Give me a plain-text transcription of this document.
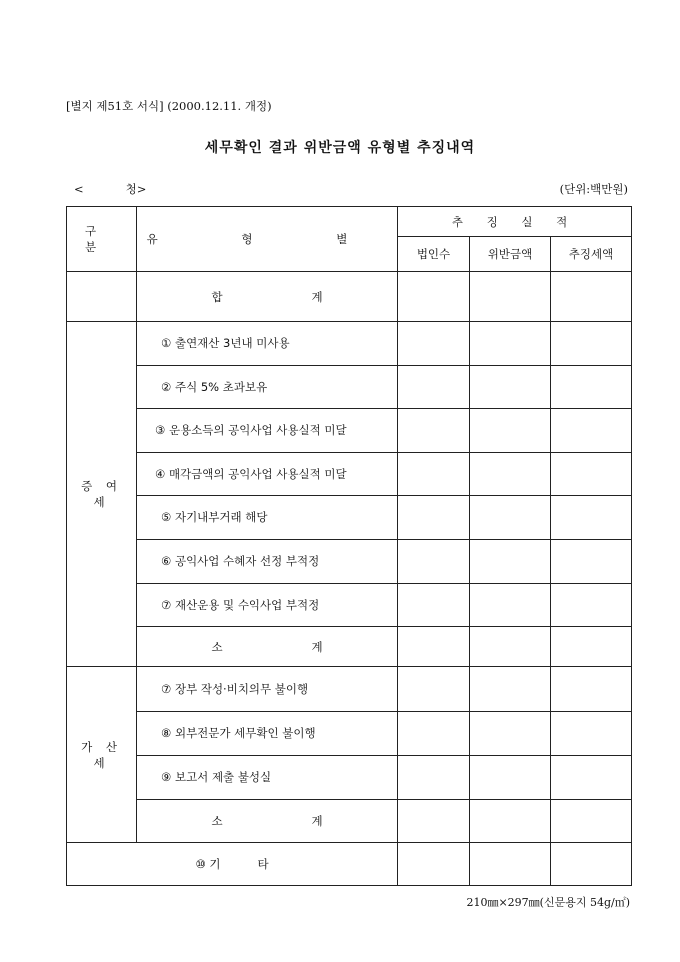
[별지 제51호 서식] (2000.12.11. 개정)
세무확인 결과 위반금액 유형별 추징내역
<	청>	(단위:백만원)
구 분	유 형 별	추 징 실 적		
		법인수	위반금액	추징세액
	합 계			
증 여 세	① 출연재산 3년내 미사용			
	② 주식 5% 초과보유			
	③ 운용소득의 공익사업 사용실적 미달			
	④ 매각금액의 공익사업 사용실적 미달			
	⑤ 자기내부거래 해당			
	⑥ 공익사업 수혜자 선정 부적정			
	⑦ 재산운용 및 수익사업 부적정			
	소 계			
가 산 세	⑦ 장부 작성·비치의무 불이행			
	⑧ 외부전문가 세무확인 불이행			
	⑨ 보고서 제출 불성실			
	소 계			
⑩ 기 타				
210㎜×297㎜(신문용지 54g/㎡)
